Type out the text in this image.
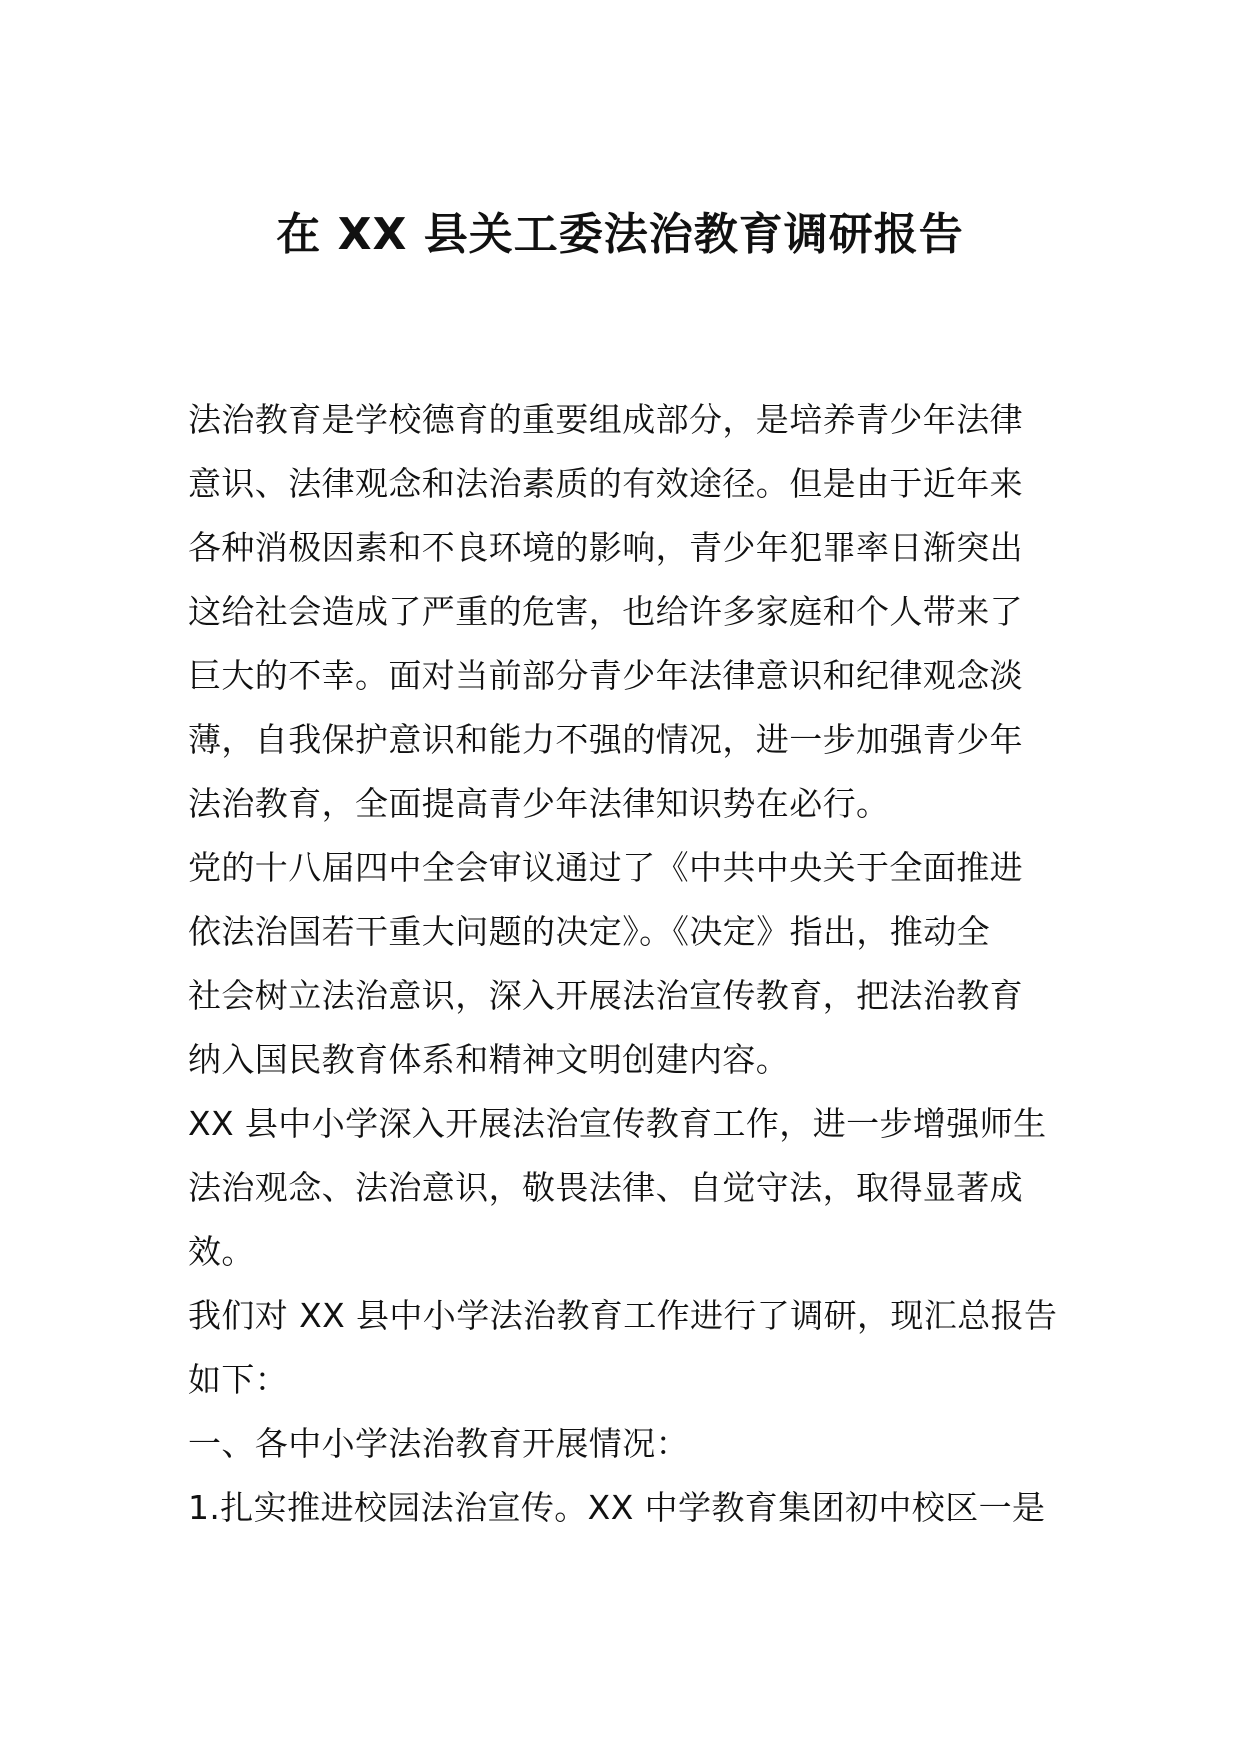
在 XX 县关工委法治教育调研报告
法治教育是学校德育的重要组成部分，是培养青少年法律
意识、法律观念和法治素质的有效途径。但是由于近年来
各种消极因素和不良环境的影响，青少年犯罪率日渐突出
这给社会造成了严重的危害，也给许多家庭和个人带来了
巨大的不幸。面对当前部分青少年法律意识和纪律观念淡
薄，自我保护意识和能力不强的情况，进一步加强青少年
法治教育，全面提高青少年法律知识势在必行。
党的十八届四中全会审议通过了《中共中央关于全面推进
依法治国若干重大问题的决定》。《决定》指出，推动全
社会树立法治意识，深入开展法治宣传教育，把法治教育
纳入国民教育体系和精神文明创建内容。
XX 县中小学深入开展法治宣传教育工作，进一步增强师生
法治观念、法治意识，敬畏法律、自觉守法，取得显著成
效。
我们对 XX 县中小学法治教育工作进行了调研，现汇总报告
如下：
一、各中小学法治教育开展情况：
1.扎实推进校园法治宣传。XX 中学教育集团初中校区一是
